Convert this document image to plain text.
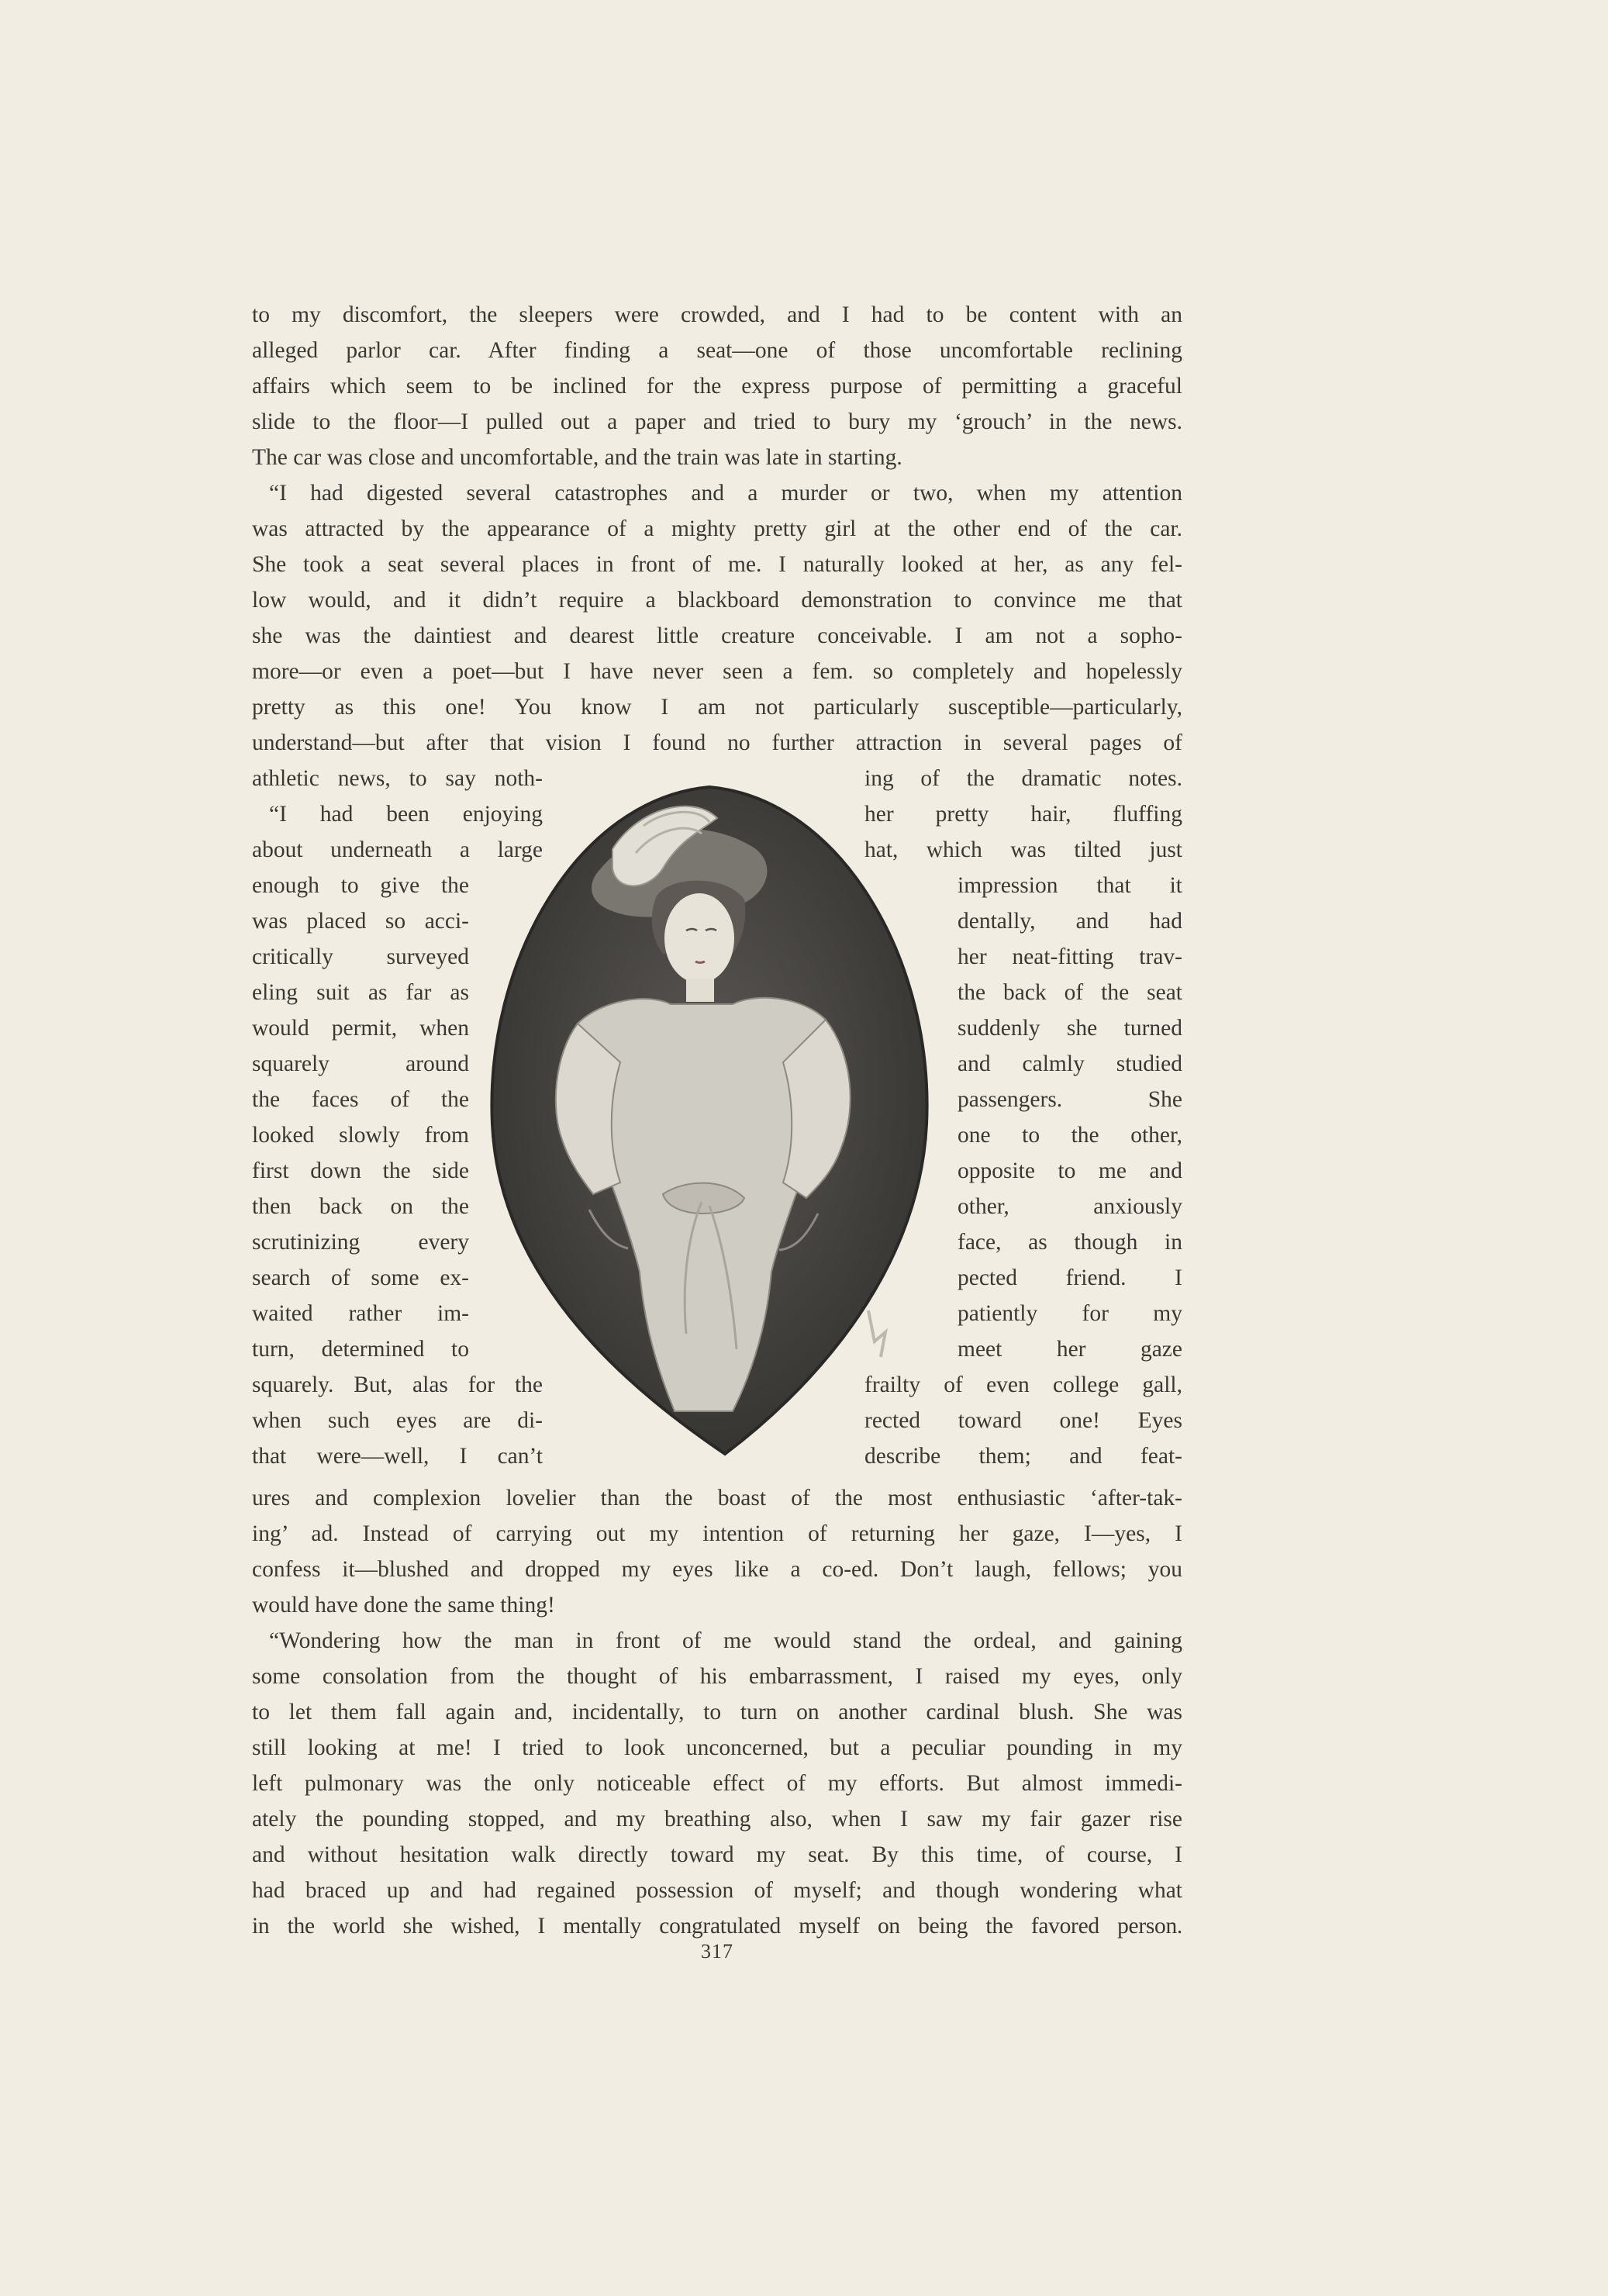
to my discomfort, the sleepers were crowded, and I had to be content with an
alleged parlor car. After finding a seat—one of those uncomfortable reclining
affairs which seem to be inclined for the express purpose of permitting a graceful
slide to the floor—I pulled out a paper and tried to bury my ‘grouch’ in the news.
The car was close and uncomfortable, and the train was late in starting.
“I had digested several catastrophes and a murder or two, when my attention
was attracted by the appearance of a mighty pretty girl at the other end of the car.
She took a seat several places in front of me. I naturally looked at her, as any fel-
low would, and it didn’t require a blackboard demonstration to convince me that
she was the daintiest and dearest little creature conceivable. I am not a sopho-
more—or even a poet—but I have never seen a fem. so completely and hopelessly
pretty as this one! You know I am not particularly susceptible—particularly,
understand—but after that vision I found no further attraction in several pages of
athletic news, to say noth-	ing of the dramatic notes.
“I had been enjoying	her pretty hair, fluffing
about underneath a large	hat, which was tilted just
enough to give the	impression that it
was placed so acci-	dentally, and had
critically surveyed	her neat-fitting trav-
eling suit as far as	the back of the seat
would permit, when	suddenly she turned
squarely around	and calmly studied
the faces of the	passengers. She
looked slowly from	one to the other,
first down the side	opposite to me and
then back on the	other, anxiously
scrutinizing every	face, as though in
search of some ex-	pected friend. I
waited rather im-	patiently for my
turn, determined to	meet her gaze
squarely. But, alas for the	frailty of even college gall,
when such eyes are di-	rected toward one! Eyes
that were—well, I can’t	describe them; and feat-
ures and complexion lovelier than the boast of the most enthusiastic ‘after-tak-
ing’ ad. Instead of carrying out my intention of returning her gaze, I—yes, I
confess it—blushed and dropped my eyes like a co-ed. Don’t laugh, fellows; you
would have done the same thing!
“Wondering how the man in front of me would stand the ordeal, and gaining
some consolation from the thought of his embarrassment, I raised my eyes, only
to let them fall again and, incidentally, to turn on another cardinal blush. She was
still looking at me! I tried to look unconcerned, but a peculiar pounding in my
left pulmonary was the only noticeable effect of my efforts. But almost immedi-
ately the pounding stopped, and my breathing also, when I saw my fair gazer rise
and without hesitation walk directly toward my seat. By this time, of course, I
had braced up and had regained possession of myself; and though wondering what
in the world she wished, I mentally congratulated myself on being the favored person.
317
